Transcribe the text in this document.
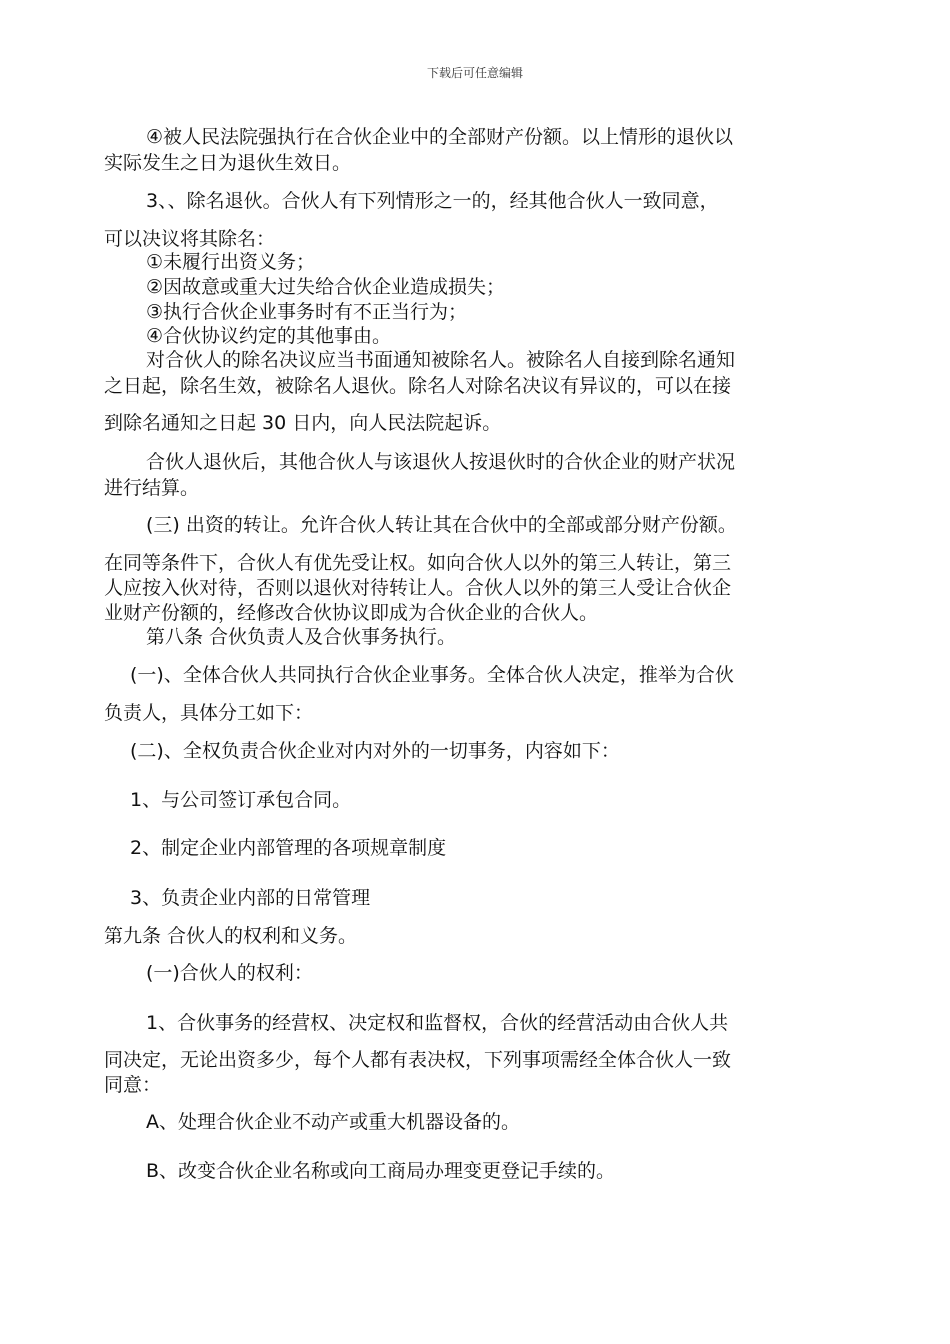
下载后可任意编辑
④被人民法院强执行在合伙企业中的全部财产份额。以上情形的退伙以
实际发生之日为退伙生效日。
3、、除名退伙。合伙人有下列情形之一的，经其他合伙人一致同意，
可以决议将其除名：
①未履行出资义务；
②因故意或重大过失给合伙企业造成损失；
③执行合伙企业事务时有不正当行为；
④合伙协议约定的其他事由。
对合伙人的除名决议应当书面通知被除名人。被除名人自接到除名通知
之日起，除名生效，被除名人退伙。除名人对除名决议有异议的，可以在接
到除名通知之日起 30 日内，向人民法院起诉。
合伙人退伙后，其他合伙人与该退伙人按退伙时的合伙企业的财产状况
进行结算。
(三) 出资的转让。允许合伙人转让其在合伙中的全部或部分财产份额。
在同等条件下，合伙人有优先受让权。如向合伙人以外的第三人转让，第三
人应按入伙对待，否则以退伙对待转让人。合伙人以外的第三人受让合伙企
业财产份额的，经修改合伙协议即成为合伙企业的合伙人。
第八条 合伙负责人及合伙事务执行。
(一)、全体合伙人共同执行合伙企业事务。全体合伙人决定，推举为合伙
负责人，具体分工如下：
(二)、全权负责合伙企业对内对外的一切事务，内容如下：
1、与公司签订承包合同。
2、制定企业内部管理的各项规章制度
3、负责企业内部的日常管理
第九条 合伙人的权利和义务。
(一)合伙人的权利：
1、合伙事务的经营权、决定权和监督权，合伙的经营活动由合伙人共
同决定，无论出资多少，每个人都有表决权，下列事项需经全体合伙人一致
同意：
A、处理合伙企业不动产或重大机器设备的。
B、改变合伙企业名称或向工商局办理变更登记手续的。
